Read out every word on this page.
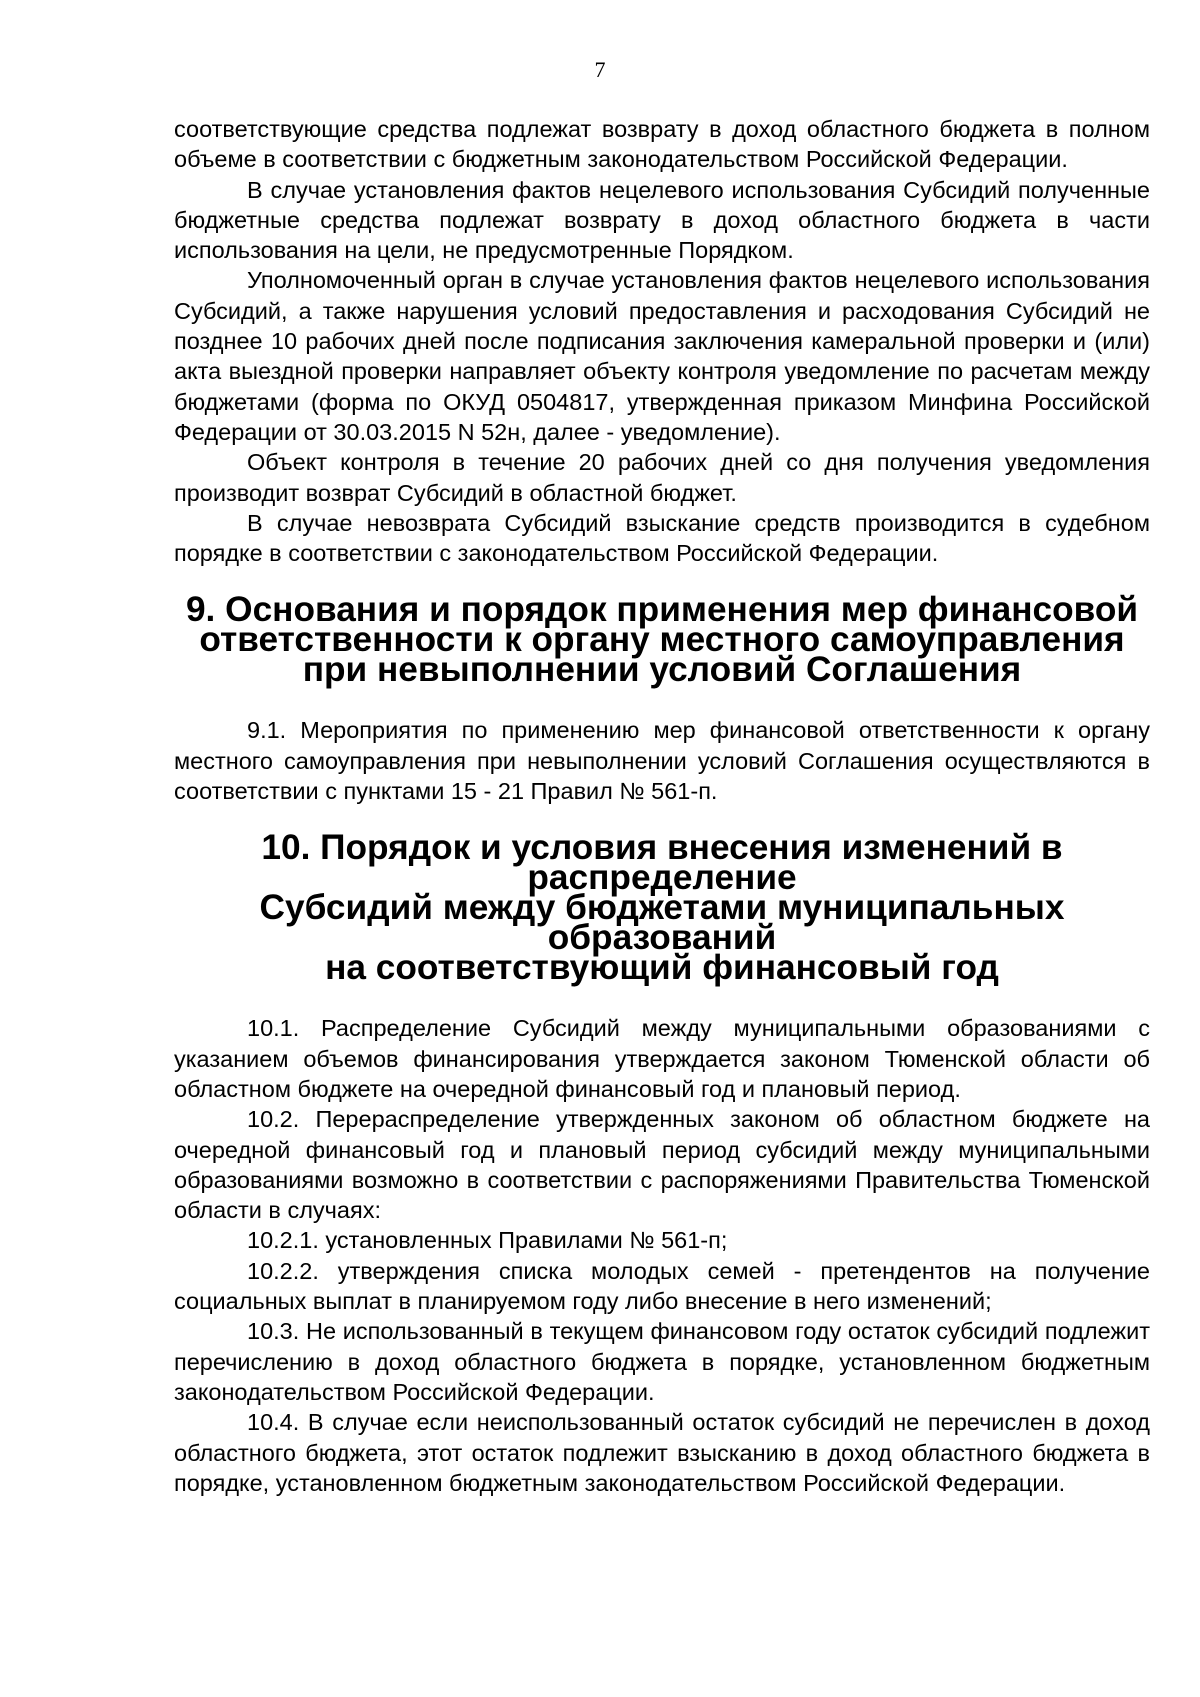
7

соответствующие средства подлежат возврату в доход областного бюджета в полном объеме в соответствии с бюджетным законодательством Российской Федерации.

В случае установления фактов нецелевого использования Субсидий полученные бюджетные средства подлежат возврату в доход областного бюджета в части использования на цели, не предусмотренные Порядком.

Уполномоченный орган в случае установления фактов нецелевого использования Субсидий, а также нарушения условий предоставления и расходования Субсидий не позднее 10 рабочих дней после подписания заключения камеральной проверки и (или) акта выездной проверки направляет объекту контроля уведомление по расчетам между бюджетами (форма по ОКУД 0504817, утвержденная приказом Минфина Российской Федерации от 30.03.2015 N 52н, далее - уведомление).

Объект контроля в течение 20 рабочих дней со дня получения уведомления производит возврат Субсидий в областной бюджет.

В случае невозврата Субсидий взыскание средств производится в судебном порядке в соответствии с законодательством Российской Федерации.

9. Основания и порядок применения мер финансовой
ответственности к органу местного самоуправления
при невыполнении условий Соглашения

9.1. Мероприятия по применению мер финансовой ответственности к органу местного самоуправления при невыполнении условий Соглашения осуществляются в соответствии с пунктами 15 - 21 Правил № 561-п.

10. Порядок и условия внесения изменений в распределение
Субсидий между бюджетами муниципальных образований
на соответствующий финансовый год

10.1. Распределение Субсидий между муниципальными образованиями с указанием объемов финансирования утверждается законом Тюменской области об областном бюджете на очередной финансовый год и плановый период.

10.2. Перераспределение утвержденных законом об областном бюджете на очередной финансовый год и плановый период субсидий между муниципальными образованиями возможно в соответствии с распоряжениями Правительства Тюменской области в случаях:

10.2.1. установленных Правилами № 561-п;

10.2.2. утверждения списка молодых семей - претендентов на получение социальных выплат в планируемом году либо внесение в него изменений;

10.3. Не использованный в текущем финансовом году остаток субсидий подлежит перечислению в доход областного бюджета в порядке, установленном бюджетным законодательством Российской Федерации.

10.4. В случае если неиспользованный остаток субсидий не перечислен в доход областного бюджета, этот остаток подлежит взысканию в доход областного бюджета в порядке, установленном бюджетным законодательством Российской Федерации.
